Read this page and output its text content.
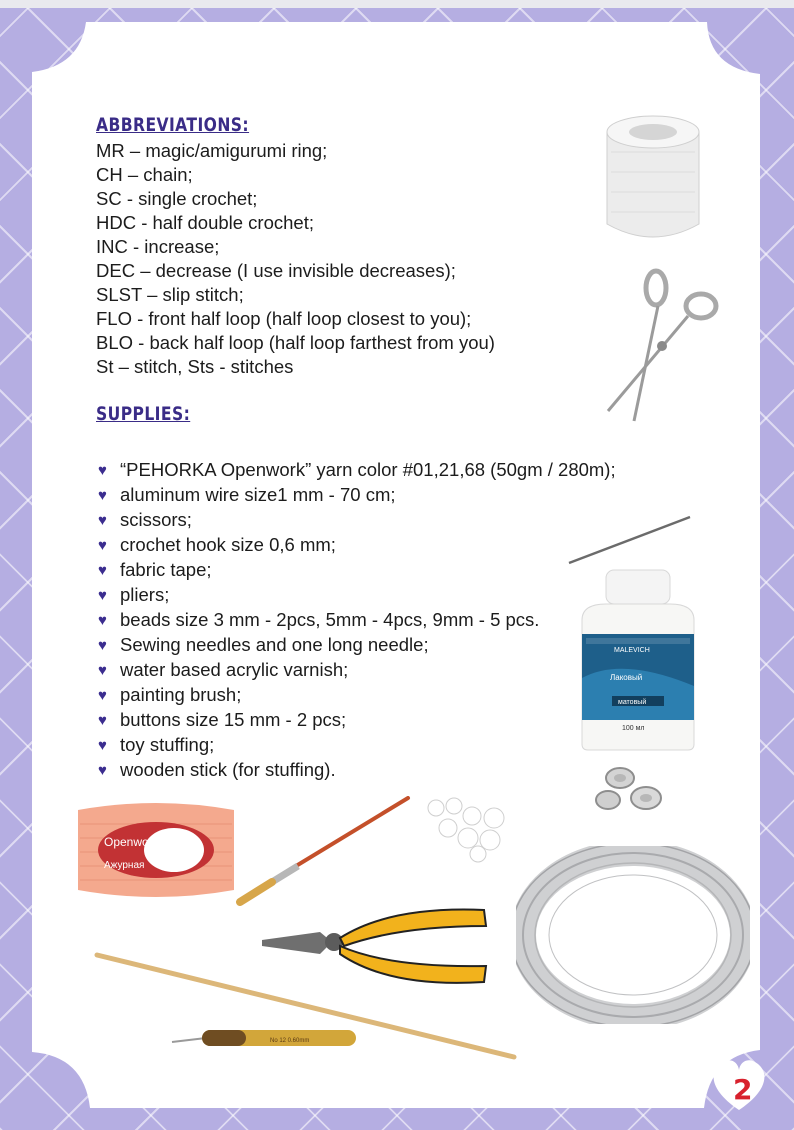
ABBREVIATIONS:
MR – magic/amigurumi ring;
CH – chain;
SC - single crochet;
HDC - half double crochet;
INC - increase;
DEC – decrease (I use invisible decreases);
SLST – slip stitch;
FLO - front half loop (half loop closest to you);
BLO - back half loop (half loop farthest from you)
St – stitch, Sts - stitches
SUPPLIES:
♥ “PEHORKA Openwork” yarn color #01,21,68 (50gm / 280m);
♥ aluminum wire size1 mm - 70 cm;
♥ scissors;
♥ crochet hook size 0,6 mm;
♥ fabric tape;
♥ pliers;
♥ beads size 3 mm - 2pcs, 5mm - 4pcs, 9mm - 5 pcs.
♥ Sewing needles and one long needle;
♥ water based acrylic varnish;
♥ painting brush;
♥ buttons size 15 mm - 2 pcs;
♥ toy stuffing;
♥ wooden stick (for stuffing).
MALEVICH
Лаковый
матовый
100 мл
Openwork
Ажурная
No 12 0.60mm
2
